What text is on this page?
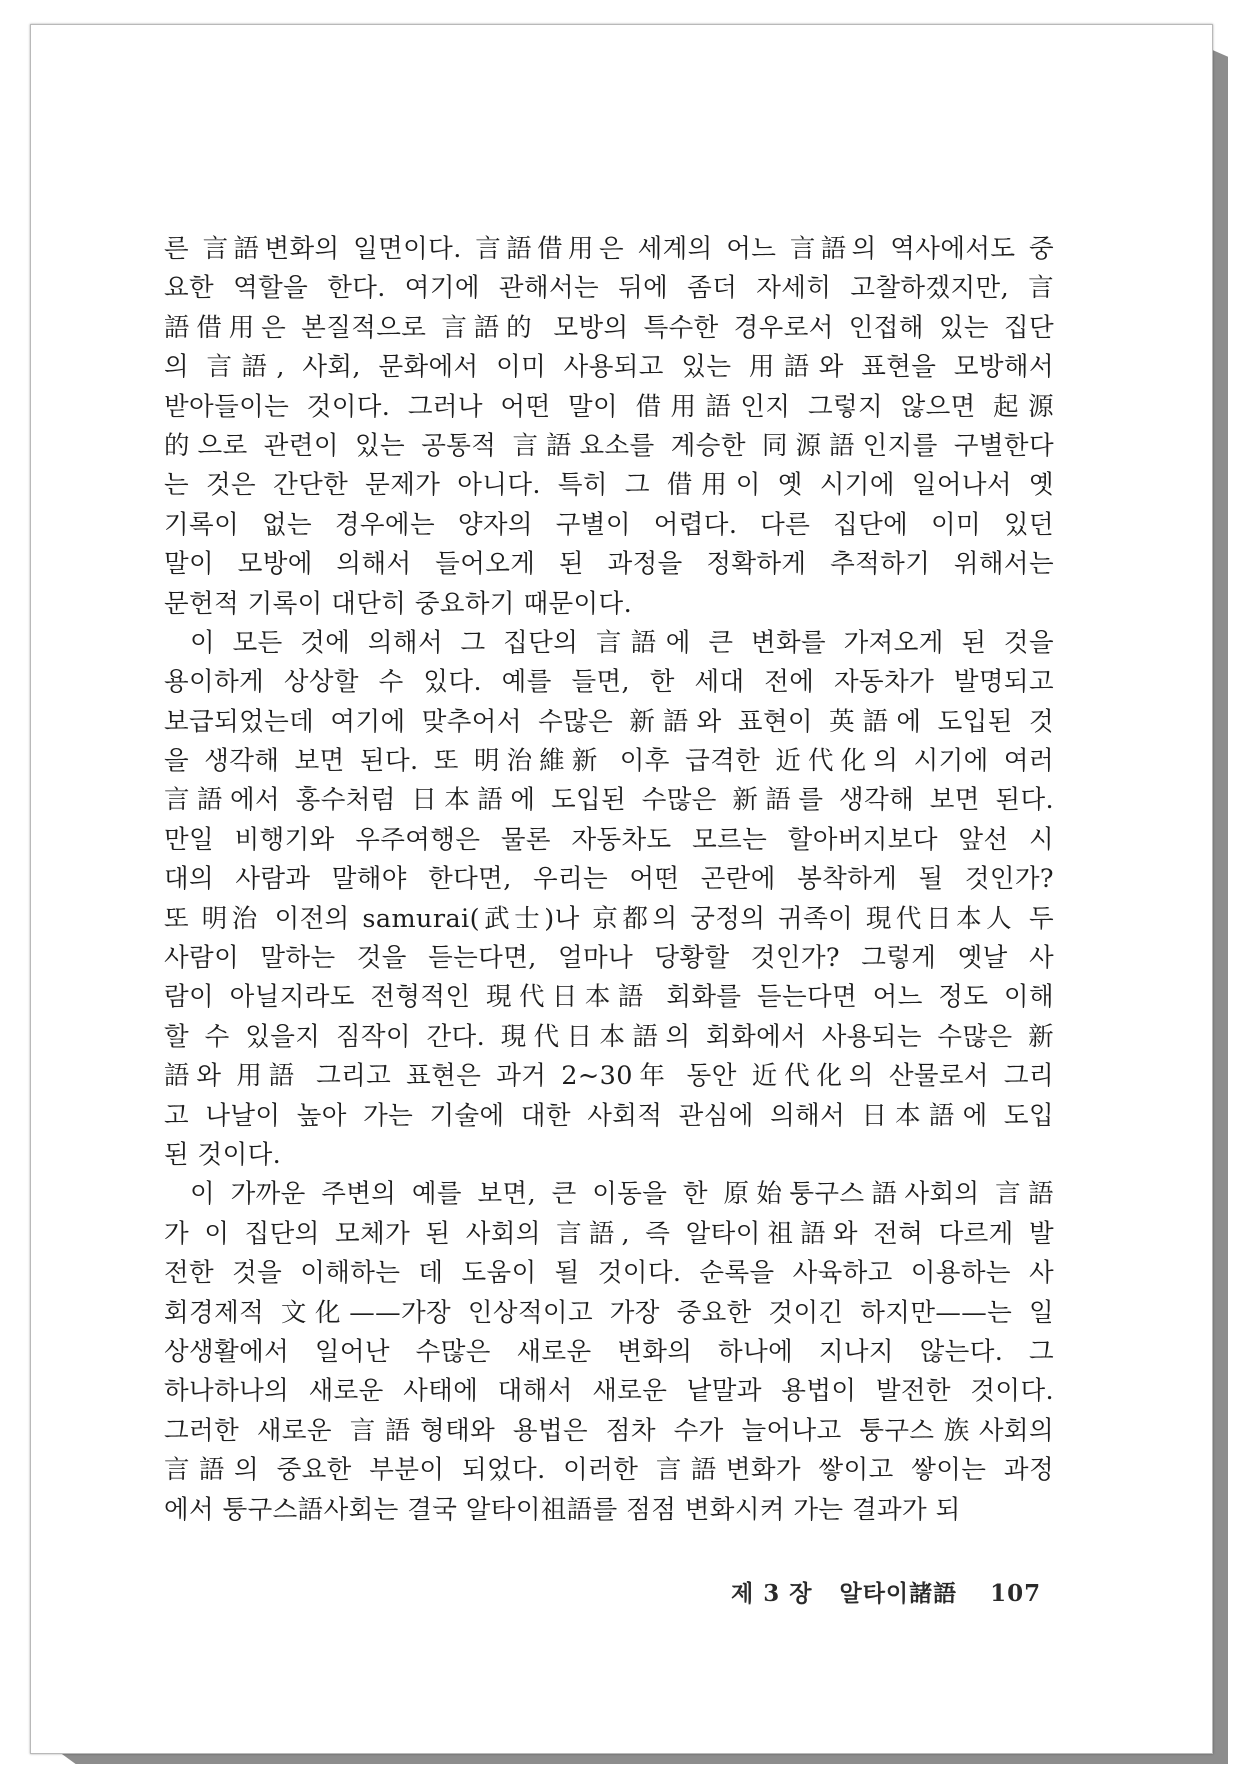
른 言語변화의 일면이다. 言語借用은 세계의 어느 言語의 역사에서도 중
요한 역할을 한다. 여기에 관해서는 뒤에 좀더 자세히 고찰하겠지만, 言
語借用은 본질적으로 言語的 모방의 특수한 경우로서 인접해 있는 집단
의 言語, 사회, 문화에서 이미 사용되고 있는 用語와 표현을 모방해서
받아들이는 것이다. 그러나 어떤 말이 借用語인지 그렇지 않으면 起源
的으로 관련이 있는 공통적 言語요소를 계승한 同源語인지를 구별한다
는 것은 간단한 문제가 아니다. 특히 그 借用이 옛 시기에 일어나서 옛
기록이 없는 경우에는 양자의 구별이 어렵다. 다른 집단에 이미 있던
말이 모방에 의해서 들어오게 된 과정을 정확하게 추적하기 위해서는
문헌적 기록이 대단히 중요하기 때문이다.
이 모든 것에 의해서 그 집단의 言語에 큰 변화를 가져오게 된 것을
용이하게 상상할 수 있다. 예를 들면, 한 세대 전에 자동차가 발명되고
보급되었는데 여기에 맞추어서 수많은 新語와 표현이 英語에 도입된 것
을 생각해 보면 된다. 또 明治維新 이후 급격한 近代化의 시기에 여러
言語에서 홍수처럼 日本語에 도입된 수많은 新語를 생각해 보면 된다.
만일 비행기와 우주여행은 물론 자동차도 모르는 할아버지보다 앞선 시
대의 사람과 말해야 한다면, 우리는 어떤 곤란에 봉착하게 될 것인가?
또 明治 이전의 samurai(武士)나 京都의 궁정의 귀족이 現代日本人 두
사람이 말하는 것을 듣는다면, 얼마나 당황할 것인가? 그렇게 옛날 사
람이 아닐지라도 전형적인 現代日本語 회화를 듣는다면 어느 정도 이해
할 수 있을지 짐작이 간다. 現代日本語의 회화에서 사용되는 수많은 新
語와 用語 그리고 표현은 과거 2~30年 동안 近代化의 산물로서 그리
고 나날이 높아 가는 기술에 대한 사회적 관심에 의해서 日本語에 도입
된 것이다.
이 가까운 주변의 예를 보면, 큰 이동을 한 原始퉁구스語사회의 言語
가 이 집단의 모체가 된 사회의 言語, 즉 알타이祖語와 전혀 다르게 발
전한 것을 이해하는 데 도움이 될 것이다. 순록을 사육하고 이용하는 사
회경제적 文化——가장 인상적이고 가장 중요한 것이긴 하지만——는 일
상생활에서 일어난 수많은 새로운 변화의 하나에 지나지 않는다. 그
하나하나의 새로운 사태에 대해서 새로운 낱말과 용법이 발전한 것이다.
그러한 새로운 言語형태와 용법은 점차 수가 늘어나고 퉁구스族사회의
言語의 중요한 부분이 되었다. 이러한 言語변화가 쌓이고 쌓이는 과정
에서 퉁구스語사회는 결국 알타이祖語를 점점 변화시켜 가는 결과가 되
제 3 장 알타이諸語 107
